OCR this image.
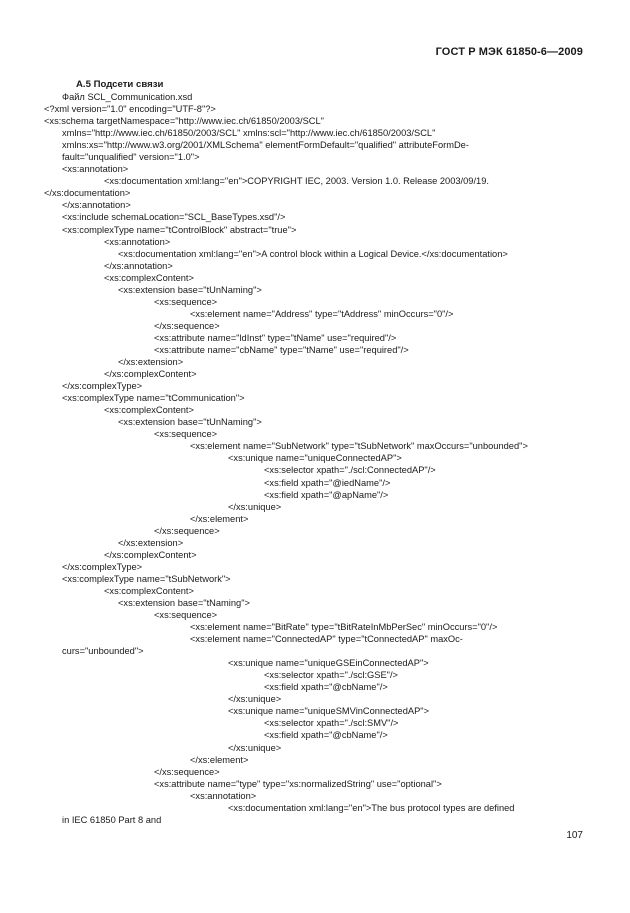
ГОСТ Р МЭК 61850-6—2009
А.5 Подсети связи
Файл SCL_Communication.xsd
<?xml version="1.0" encoding="UTF-8"?>
<xs:schema targetNamespace="http://www.iec.ch/61850/2003/SCL"
xmlns="http://www.iec.ch/61850/2003/SCL" xmlns:scl="http://www.iec.ch/61850/2003/SCL"
xmlns:xs="http://www.w3.org/2001/XMLSchema" elementFormDefault="qualified" attributeFormDe-
fault="unqualified" version="1.0">
<xs:annotation>
<xs:documentation xml:lang="en">COPYRIGHT IEC, 2003. Version 1.0. Release 2003/09/19.
</xs:documentation>
</xs:annotation>
<xs:include schemaLocation="SCL_BaseTypes.xsd"/>
<xs:complexType name="tControlBlock" abstract="true">
<xs:annotation>
<xs:documentation xml:lang="en">A control block within a Logical Device.</xs:documentation>
</xs:annotation>
<xs:complexContent>
<xs:extension base="tUnNaming">
<xs:sequence>
<xs:element name="Address" type="tAddress" minOccurs="0"/>
</xs:sequence>
<xs:attribute name="ldInst" type="tName" use="required"/>
<xs:attribute name="cbName" type="tName" use="required"/>
</xs:extension>
</xs:complexContent>
</xs:complexType>
<xs:complexType name="tCommunication">
<xs:complexContent>
<xs:extension base="tUnNaming">
<xs:sequence>
<xs:element name="SubNetwork" type="tSubNetwork" maxOccurs="unbounded">
<xs:unique name="uniqueConnectedAP">
<xs:selector xpath="./scl:ConnectedAP"/>
<xs:field xpath="@iedName"/>
<xs:field xpath="@apName"/>
</xs:unique>
</xs:element>
</xs:sequence>
</xs:extension>
</xs:complexContent>
</xs:complexType>
<xs:complexType name="tSubNetwork">
<xs:complexContent>
<xs:extension base="tNaming">
<xs:sequence>
<xs:element name="BitRate" type="tBitRateInMbPerSec" minOccurs="0"/>
<xs:element name="ConnectedAP" type="tConnectedAP" maxOc-
curs="unbounded">
<xs:unique name="uniqueGSEinConnectedAP">
<xs:selector xpath="./scl:GSE"/>
<xs:field xpath="@cbName"/>
</xs:unique>
<xs:unique name="uniqueSMVinConnectedAP">
<xs:selector xpath="./scl:SMV"/>
<xs:field xpath="@cbName"/>
</xs:unique>
</xs:element>
</xs:sequence>
<xs:attribute name="type" type="xs:normalizedString" use="optional">
<xs:annotation>
<xs:documentation xml:lang="en">The bus protocol types are defined
in IEC 61850 Part 8 and
107
